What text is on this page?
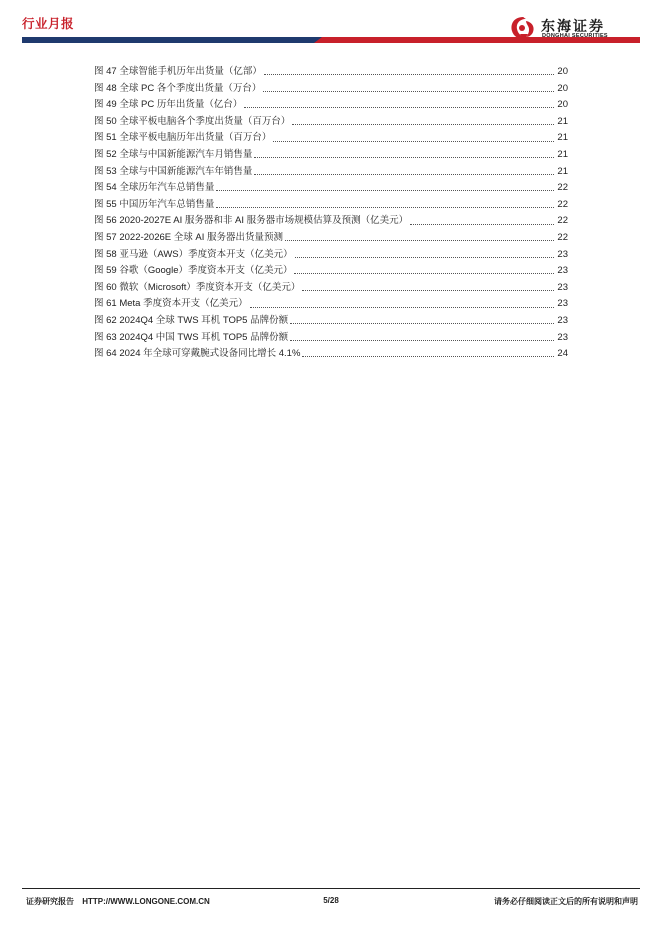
行业月报	东海证券
DONGHAI SECURITIES
图 47 全球智能手机历年出货量（亿部）	20
图 48 全球 PC 各个季度出货量（万台）	20
图 49 全球 PC 历年出货量（亿台）	20
图 50 全球平板电脑各个季度出货量（百万台）	21
图 51 全球平板电脑历年出货量（百万台）	21
图 52 全球与中国新能源汽车月销售量	21
图 53 全球与中国新能源汽车年销售量	21
图 54 全球历年汽车总销售量	22
图 55 中国历年汽车总销售量	22
图 56 2020-2027E AI 服务器和非 AI 服务器市场规模估算及预测（亿美元）	22
图 57 2022-2026E 全球 AI 服务器出货量预测	22
图 58 亚马逊（AWS）季度资本开支（亿美元）	23
图 59 谷歌（Google）季度资本开支（亿美元）	23
图 60 微软（Microsoft）季度资本开支（亿美元）	23
图 61 Meta 季度资本开支（亿美元）	23
图 62 2024Q4 全球 TWS 耳机 TOP5 品牌份额	23
图 63 2024Q4 中国 TWS 耳机 TOP5 品牌份额	23
图 64 2024 年全球可穿戴腕式设备同比增长 4.1%	24
证券研究报告 HTTP://WWW.LONGONE.COM.CN	5/28	请务必仔细阅读正文后的所有说明和声明
